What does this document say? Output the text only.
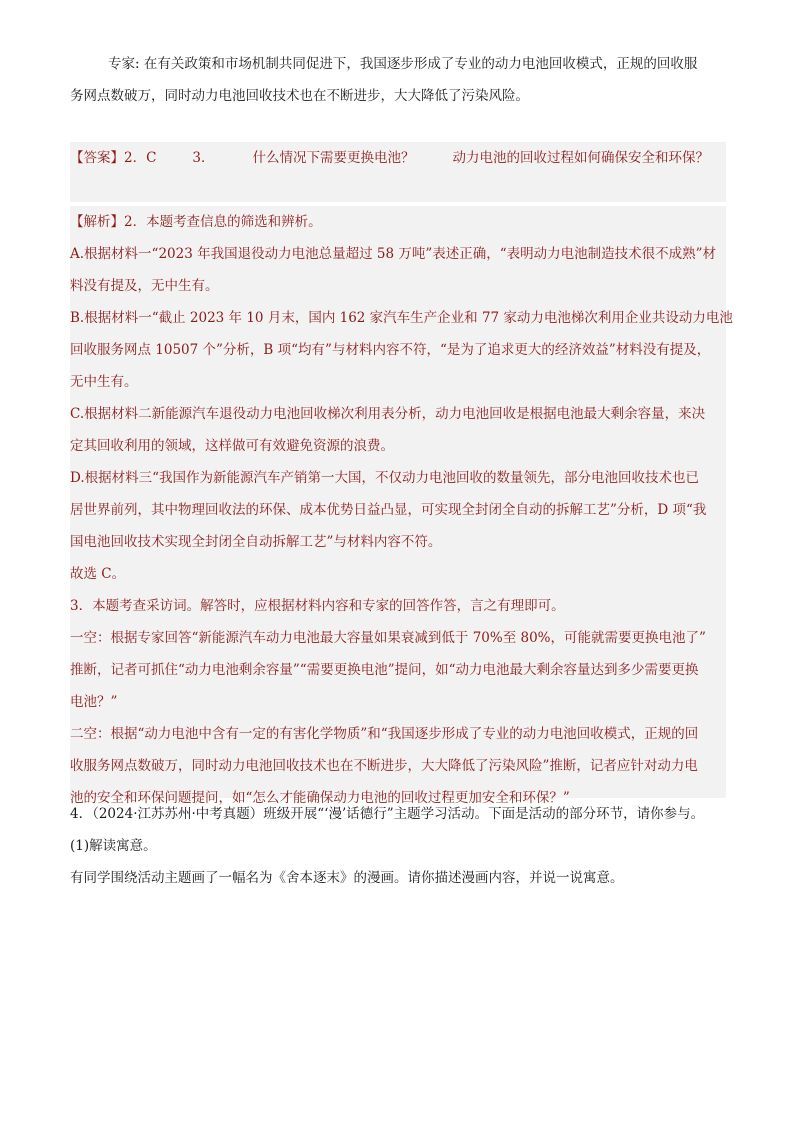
专家: 在有关政策和市场机制共同促进下，我国逐步形成了专业的动力电池回收模式，正规的回收服
务网点数破万，同时动力电池回收技术也在不断进步，大大降低了污染风险。
【答案】2．C	3．	什么情况下需要更换电池？	动力电池的回收过程如何确保安全和环保？
【解析】2．本题考查信息的筛选和辨析。
A.根据材料一“2023 年我国退役动力电池总量超过 58 万吨”表述正确，“表明动力电池制造技术很不成熟”材
料没有提及，无中生有。
B.根据材料一“截止 2023 年 10 月末，国内 162 家汽车生产企业和 77 家动力电池梯次利用企业共设动力电池
回收服务网点 10507 个”分析，B 项“均有”与材料内容不符，“是为了追求更大的经济效益”材料没有提及，
无中生有。
C.根据材料二新能源汽车退役动力电池回收梯次利用表分析，动力电池回收是根据电池最大剩余容量，来决
定其回收利用的领域，这样做可有效避免资源的浪费。
D.根据材料三“我国作为新能源汽车产销第一大国，不仅动力电池回收的数量领先，部分电池回收技术也已
居世界前列，其中物理回收法的环保、成本优势日益凸显，可实现全封闭全自动的拆解工艺”分析，D 项“我
国电池回收技术实现全封闭全自动拆解工艺”与材料内容不符。
故选 C。
3．本题考查采访词。解答时，应根据材料内容和专家的回答作答，言之有理即可。
一空：根据专家回答“新能源汽车动力电池最大容量如果衰减到低于 70%至 80%，可能就需要更换电池了”
推断，记者可抓住“动力电池剩余容量”“需要更换电池”提问，如“动力电池最大剩余容量达到多少需要更换
电池？”
二空：根据“动力电池中含有一定的有害化学物质”和“我国逐步形成了专业的动力电池回收模式，正规的回
收服务网点数破万，同时动力电池回收技术也在不断进步，大大降低了污染风险”推断，记者应针对动力电
池的安全和环保问题提问，如“怎么才能确保动力电池的回收过程更加安全和环保？”
4．（2024·江苏苏州·中考真题）班级开展“‘漫’话德行”主题学习活动。下面是活动的部分环节，请你参与。
(1)解读寓意。
有同学围绕活动主题画了一幅名为《舍本逐末》的漫画。请你描述漫画内容，并说一说寓意。
